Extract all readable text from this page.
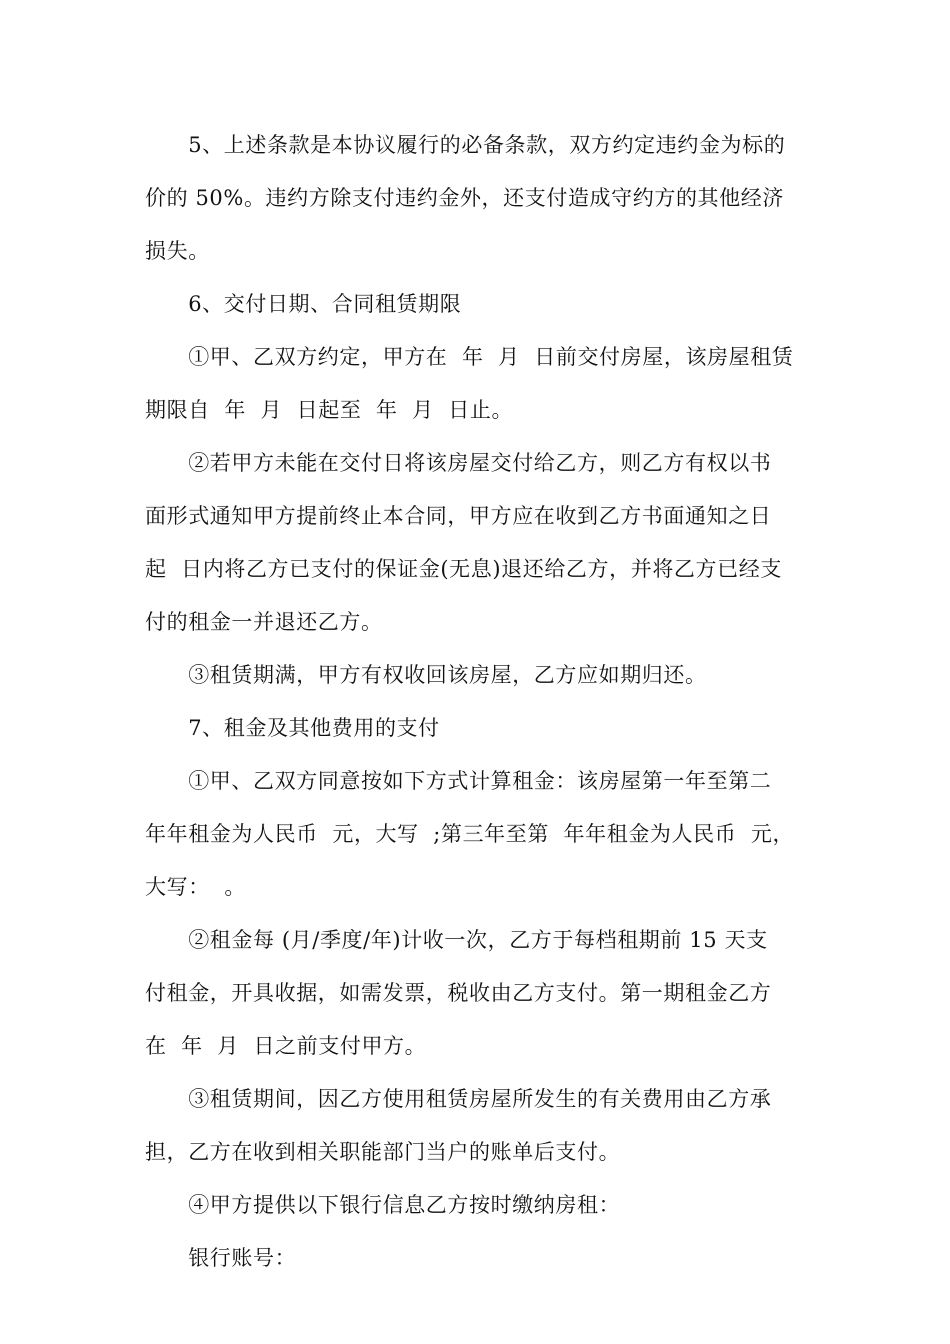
　　5、上述条款是本协议履行的必备条款，双方约定违约金为标的
价的 50%。违约方除支付违约金外，还支付造成守约方的其他经济
损失。
　　6、交付日期、合同租赁期限
　　①甲、乙双方约定，甲方在  年  月  日前交付房屋，该房屋租赁
期限自  年  月  日起至  年  月  日止。
　　②若甲方未能在交付日将该房屋交付给乙方，则乙方有权以书
面形式通知甲方提前终止本合同，甲方应在收到乙方书面通知之日
起  日内将乙方已支付的保证金(无息)退还给乙方，并将乙方已经支
付的租金一并退还乙方。
　　③租赁期满，甲方有权收回该房屋，乙方应如期归还。
　　7、租金及其他费用的支付
　　①甲、乙双方同意按如下方式计算租金：该房屋第一年至第二
年年租金为人民币  元，大写  ;第三年至第  年年租金为人民币  元，
大写：  。
　　②租金每 (月/季度/年)计收一次，乙方于每档租期前 15 天支
付租金，开具收据，如需发票，税收由乙方支付。第一期租金乙方
在  年  月  日之前支付甲方。
　　③租赁期间，因乙方使用租赁房屋所发生的有关费用由乙方承
担，乙方在收到相关职能部门当户的账单后支付。
　　④甲方提供以下银行信息乙方按时缴纳房租：
　　银行账号：
